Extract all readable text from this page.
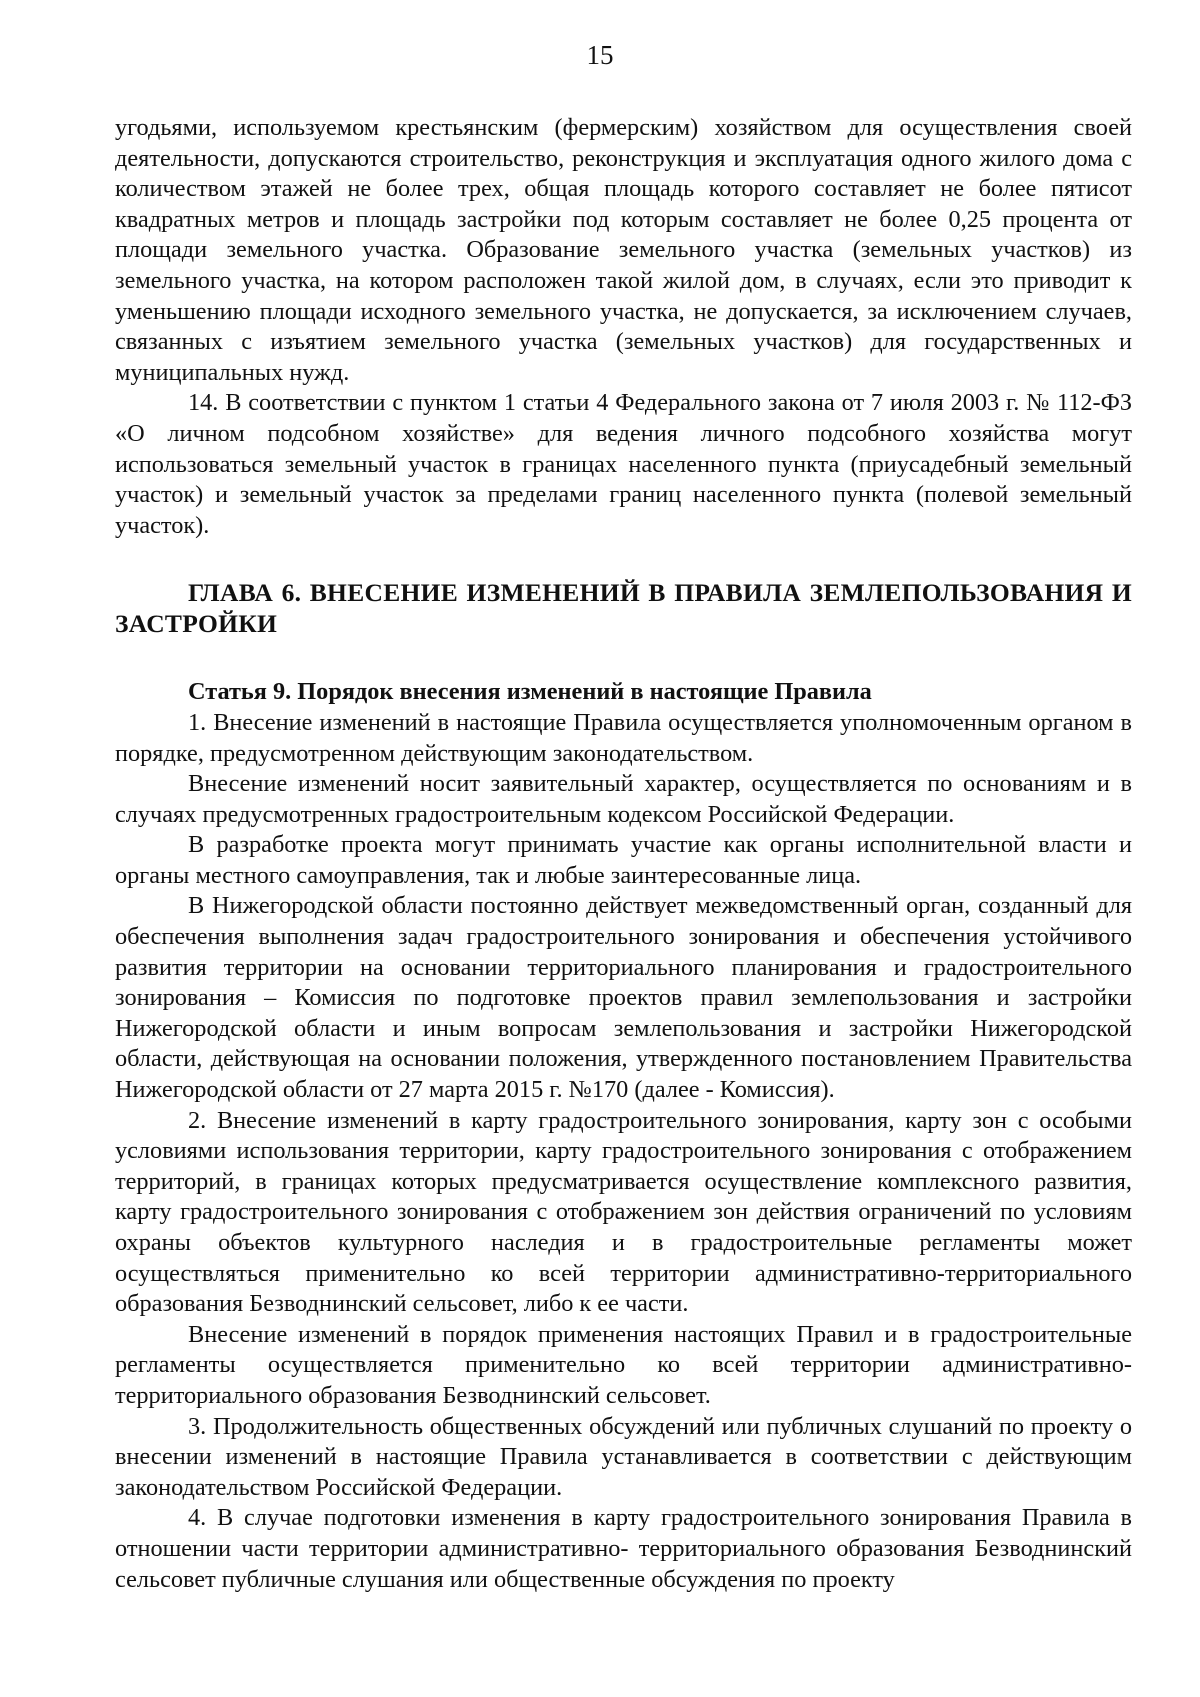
15

угодьями, используемом крестьянским (фермерским) хозяйством для осуществления своей деятельности, допускаются строительство, реконструкция и эксплуатация одного жилого дома с количеством этажей не более трех, общая площадь которого составляет не более пятисот квадратных метров и площадь застройки под которым составляет не более 0,25 процента от площади земельного участка. Образование земельного участка (земельных участков) из земельного участка, на котором расположен такой жилой дом, в случаях, если это приводит к уменьшению площади исходного земельного участка, не допускается, за исключением случаев, связанных с изъятием земельного участка (земельных участков) для государственных и муниципальных нужд.

14. В соответствии с пунктом 1 статьи 4 Федерального закона от 7 июля 2003 г. № 112-ФЗ «О личном подсобном хозяйстве» для ведения личного подсобного хозяйства могут использоваться земельный участок в границах населенного пункта (приусадебный земельный участок) и земельный участок за пределами границ населенного пункта (полевой земельный участок).

ГЛАВА 6. ВНЕСЕНИЕ ИЗМЕНЕНИЙ В ПРАВИЛА ЗЕМЛЕПОЛЬЗОВАНИЯ И ЗАСТРОЙКИ

Статья 9. Порядок внесения изменений в настоящие Правила

1. Внесение изменений в настоящие Правила осуществляется уполномоченным органом в порядке, предусмотренном действующим законодательством.

Внесение изменений носит заявительный характер, осуществляется по основаниям и в случаях предусмотренных градостроительным кодексом Российской Федерации.

В разработке проекта могут принимать участие как органы исполнительной власти и органы местного самоуправления, так и любые заинтересованные лица.

В Нижегородской области постоянно действует межведомственный орган, созданный для обеспечения выполнения задач градостроительного зонирования и обеспечения устойчивого развития территории на основании территориального планирования и градостроительного зонирования – Комиссия по подготовке проектов правил землепользования и застройки Нижегородской области и иным вопросам землепользования и застройки Нижегородской области, действующая на основании положения, утвержденного постановлением Правительства Нижегородской области от 27 марта 2015 г. №170 (далее - Комиссия).

2. Внесение изменений в карту градостроительного зонирования, карту зон с особыми условиями использования территории, карту градостроительного зонирования с отображением территорий, в границах которых предусматривается осуществление комплексного развития, карту градостроительного зонирования с отображением зон действия ограничений по условиям охраны объектов культурного наследия и в градостроительные регламенты может осуществляться применительно ко всей территории административно-территориального образования Безводнинский сельсовет, либо к ее части.

Внесение изменений в порядок применения настоящих Правил и в градостроительные регламенты осуществляется применительно ко всей территории административно-территориального образования Безводнинский сельсовет.

3. Продолжительность общественных обсуждений или публичных слушаний по проекту о внесении изменений в настоящие Правила устанавливается в соответствии с действующим законодательством Российской Федерации.

4. В случае подготовки изменения в карту градостроительного зонирования Правила в отношении части территории административно- территориального образования Безводнинский сельсовет публичные слушания или общественные обсуждения по проекту
